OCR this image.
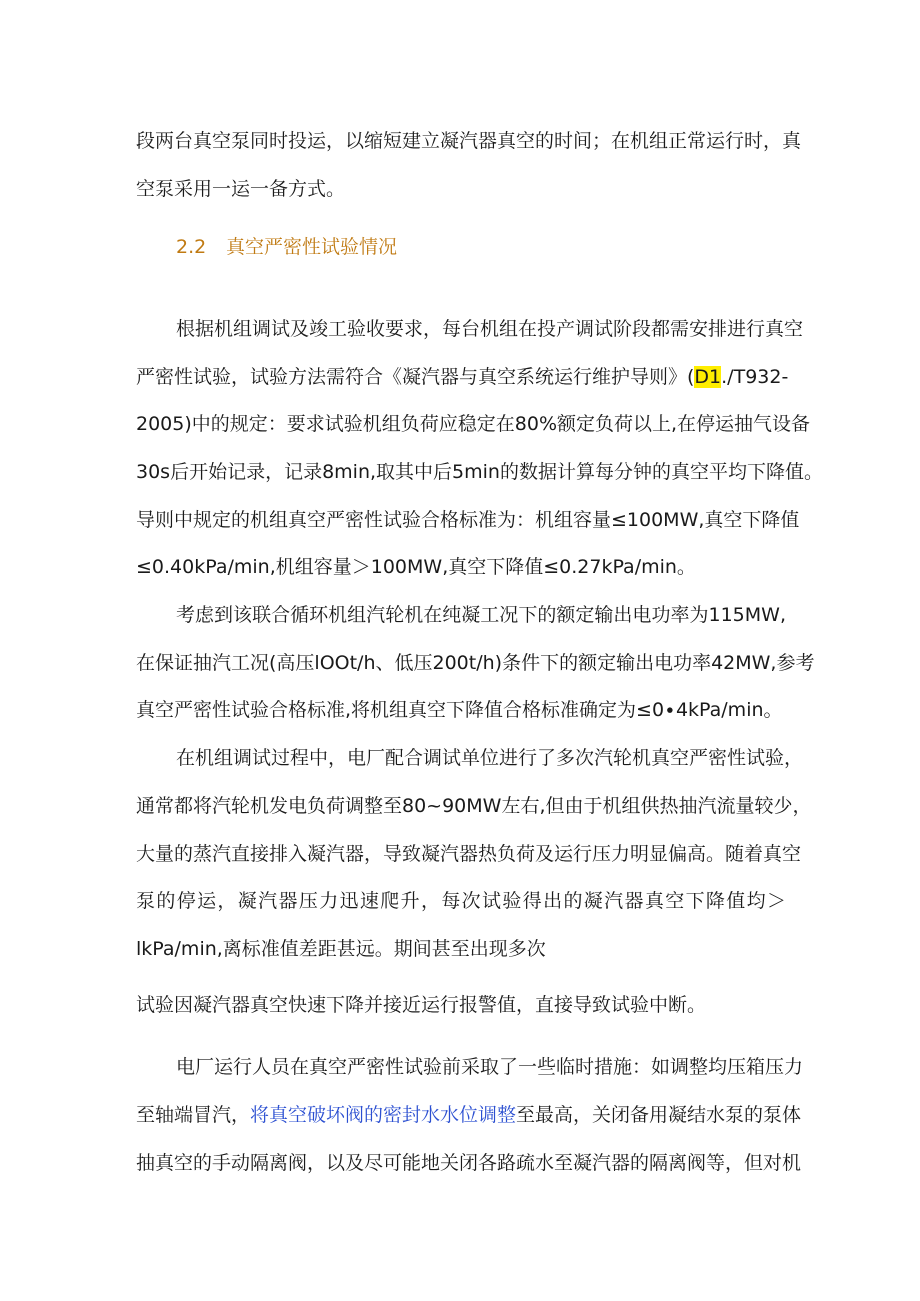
段两台真空泵同时投运，以缩短建立凝汽器真空的时间；在机组正常运行时，真
空泵采用一运一备方式。
2.2 真空严密性试验情况
根据机组调试及竣工验收要求，每台机组在投产调试阶段都需安排进行真空
严密性试验，试验方法需符合《凝汽器与真空系统运行维护导则》(D1./T932-
2005)中的规定：要求试验机组负荷应稳定在80%额定负荷以上,在停运抽气设备
30s后开始记录，记录8min,取其中后5min的数据计算每分钟的真空平均下降值。
导则中规定的机组真空严密性试验合格标准为：机组容量≤100MW,真空下降值
≤0.40kPa/min,机组容量＞100MW,真空下降值≤0.27kPa∕min。
考虑到该联合循环机组汽轮机在纯凝工况下的额定输出电功率为115MW,
在保证抽汽工况(高压lOOt/h、低压200t∕h)条件下的额定输出电功率42MW,参考
真空严密性试验合格标准,将机组真空下降值合格标准确定为≤0∙4kPa∕min。
在机组调试过程中，电厂配合调试单位进行了多次汽轮机真空严密性试验，
通常都将汽轮机发电负荷调整至80~90MW左右,但由于机组供热抽汽流量较少，
大量的蒸汽直接排入凝汽器，导致凝汽器热负荷及运行压力明显偏高。随着真空
泵的停运，凝汽器压力迅速爬升，每次试验得出的凝汽器真空下降值均＞
lkPa∕min,离标准值差距甚远。期间甚至出现多次
试验因凝汽器真空快速下降并接近运行报警值，直接导致试验中断。
电厂运行人员在真空严密性试验前采取了一些临时措施：如调整均压箱压力
至轴端冒汽，将真空破坏阀的密封水水位调整至最高，关闭备用凝结水泵的泵体
抽真空的手动隔离阀，以及尽可能地关闭各路疏水至凝汽器的隔离阀等，但对机
